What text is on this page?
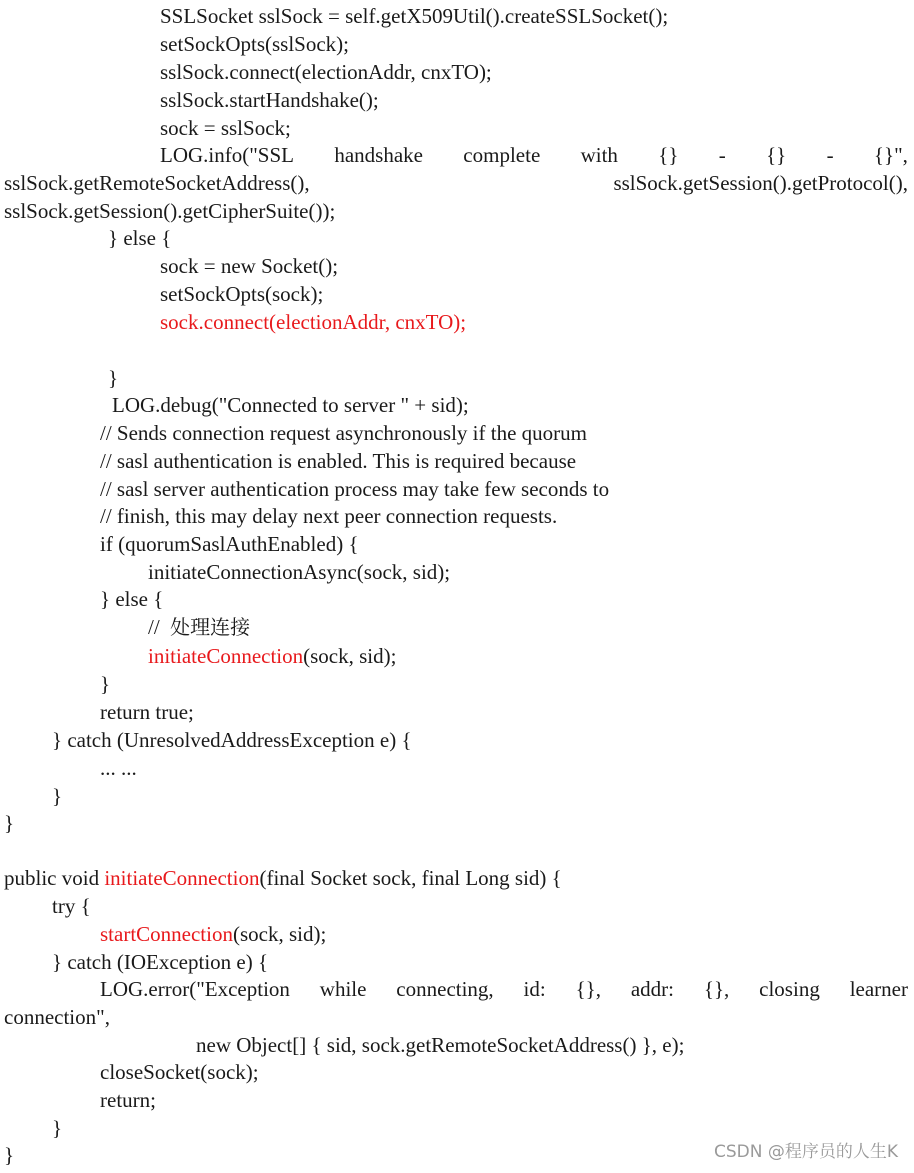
SSLSocket sslSock = self.getX509Util().createSSLSocket();
setSockOpts(sslSock);
sslSock.connect(electionAddr, cnxTO);
sslSock.startHandshake();
sock = sslSock;
LOG.info("SSL handshake complete with {} - {} - {}",
sslSock.getRemoteSocketAddress(),	sslSock.getSession().getProtocol(),
sslSock.getSession().getCipherSuite());
} else {
sock = new Socket();
setSockOpts(sock);
sock.connect(electionAddr, cnxTO);
}
LOG.debug("Connected to server " + sid);
// Sends connection request asynchronously if the quorum
// sasl authentication is enabled. This is required because
// sasl server authentication process may take few seconds to
// finish, this may delay next peer connection requests.
if (quorumSaslAuthEnabled) {
initiateConnectionAsync(sock, sid);
} else {
//  处理连接
initiateConnection(sock, sid);
}
return true;
} catch (UnresolvedAddressException e) {
... ...
}
}
public void initiateConnection(final Socket sock, final Long sid) {
try {
startConnection(sock, sid);
} catch (IOException e) {
LOG.error("Exception while connecting, id: {}, addr: {}, closing learner
connection",
new Object[] { sid, sock.getRemoteSocketAddress() }, e);
closeSocket(sock);
return;
}
}	CSDN @程序员的人生K
